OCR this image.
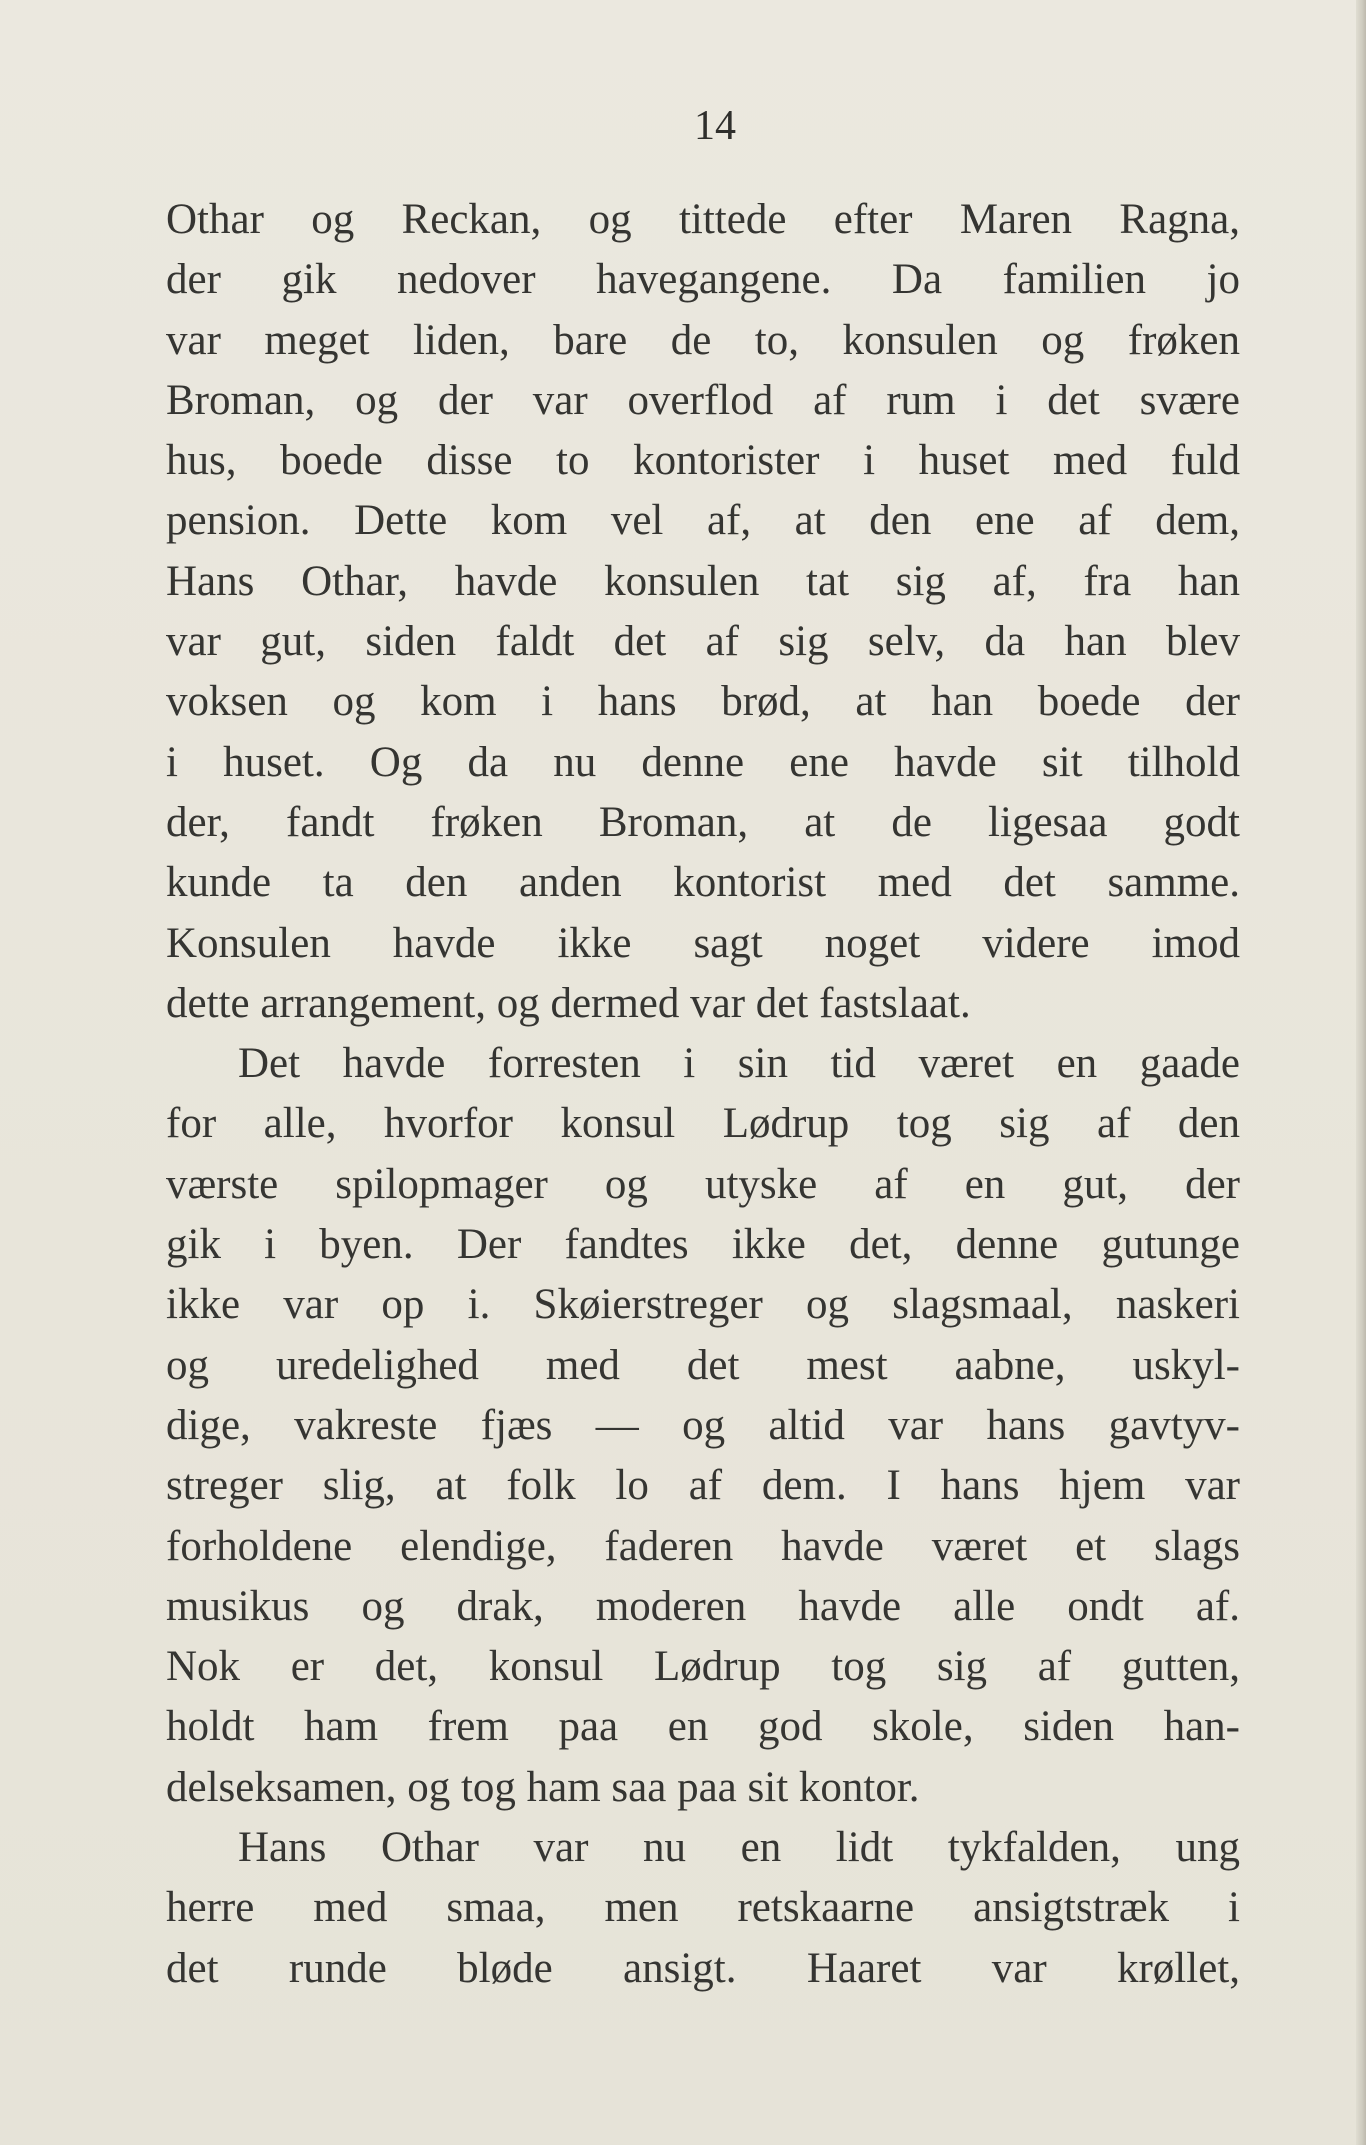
14

Othar og Reckan, og tittede efter Maren Ragna,
der gik nedover havegangene. Da familien jo
var meget liden, bare de to, konsulen og frøken
Broman, og der var overflod af rum i det svære
hus, boede disse to kontorister i huset med fuld
pension. Dette kom vel af, at den ene af dem,
Hans Othar, havde konsulen tat sig af, fra han
var gut, siden faldt det af sig selv, da han blev
voksen og kom i hans brød, at han boede der
i huset. Og da nu denne ene havde sit tilhold
der, fandt frøken Broman, at de ligesaa godt
kunde ta den anden kontorist med det samme.
Konsulen havde ikke sagt noget videre imod
dette arrangement, og dermed var det fastslaat.
Det havde forresten i sin tid været en gaade
for alle, hvorfor konsul Lødrup tog sig af den
værste spilopmager og utyske af en gut, der
gik i byen. Der fandtes ikke det, denne gutunge
ikke var op i. Skøierstreger og slagsmaal, naskeri
og uredelighed med det mest aabne, uskyl-
dige, vakreste fjæs — og altid var hans gavtyv-
streger slig, at folk lo af dem. I hans hjem var
forholdene elendige, faderen havde været et slags
musikus og drak, moderen havde alle ondt af.
Nok er det, konsul Lødrup tog sig af gutten,
holdt ham frem paa en god skole, siden han-
delseksamen, og tog ham saa paa sit kontor.
Hans Othar var nu en lidt tykfalden, ung
herre med smaa, men retskaarne ansigtstræk i
det runde bløde ansigt. Haaret var krøllet,
